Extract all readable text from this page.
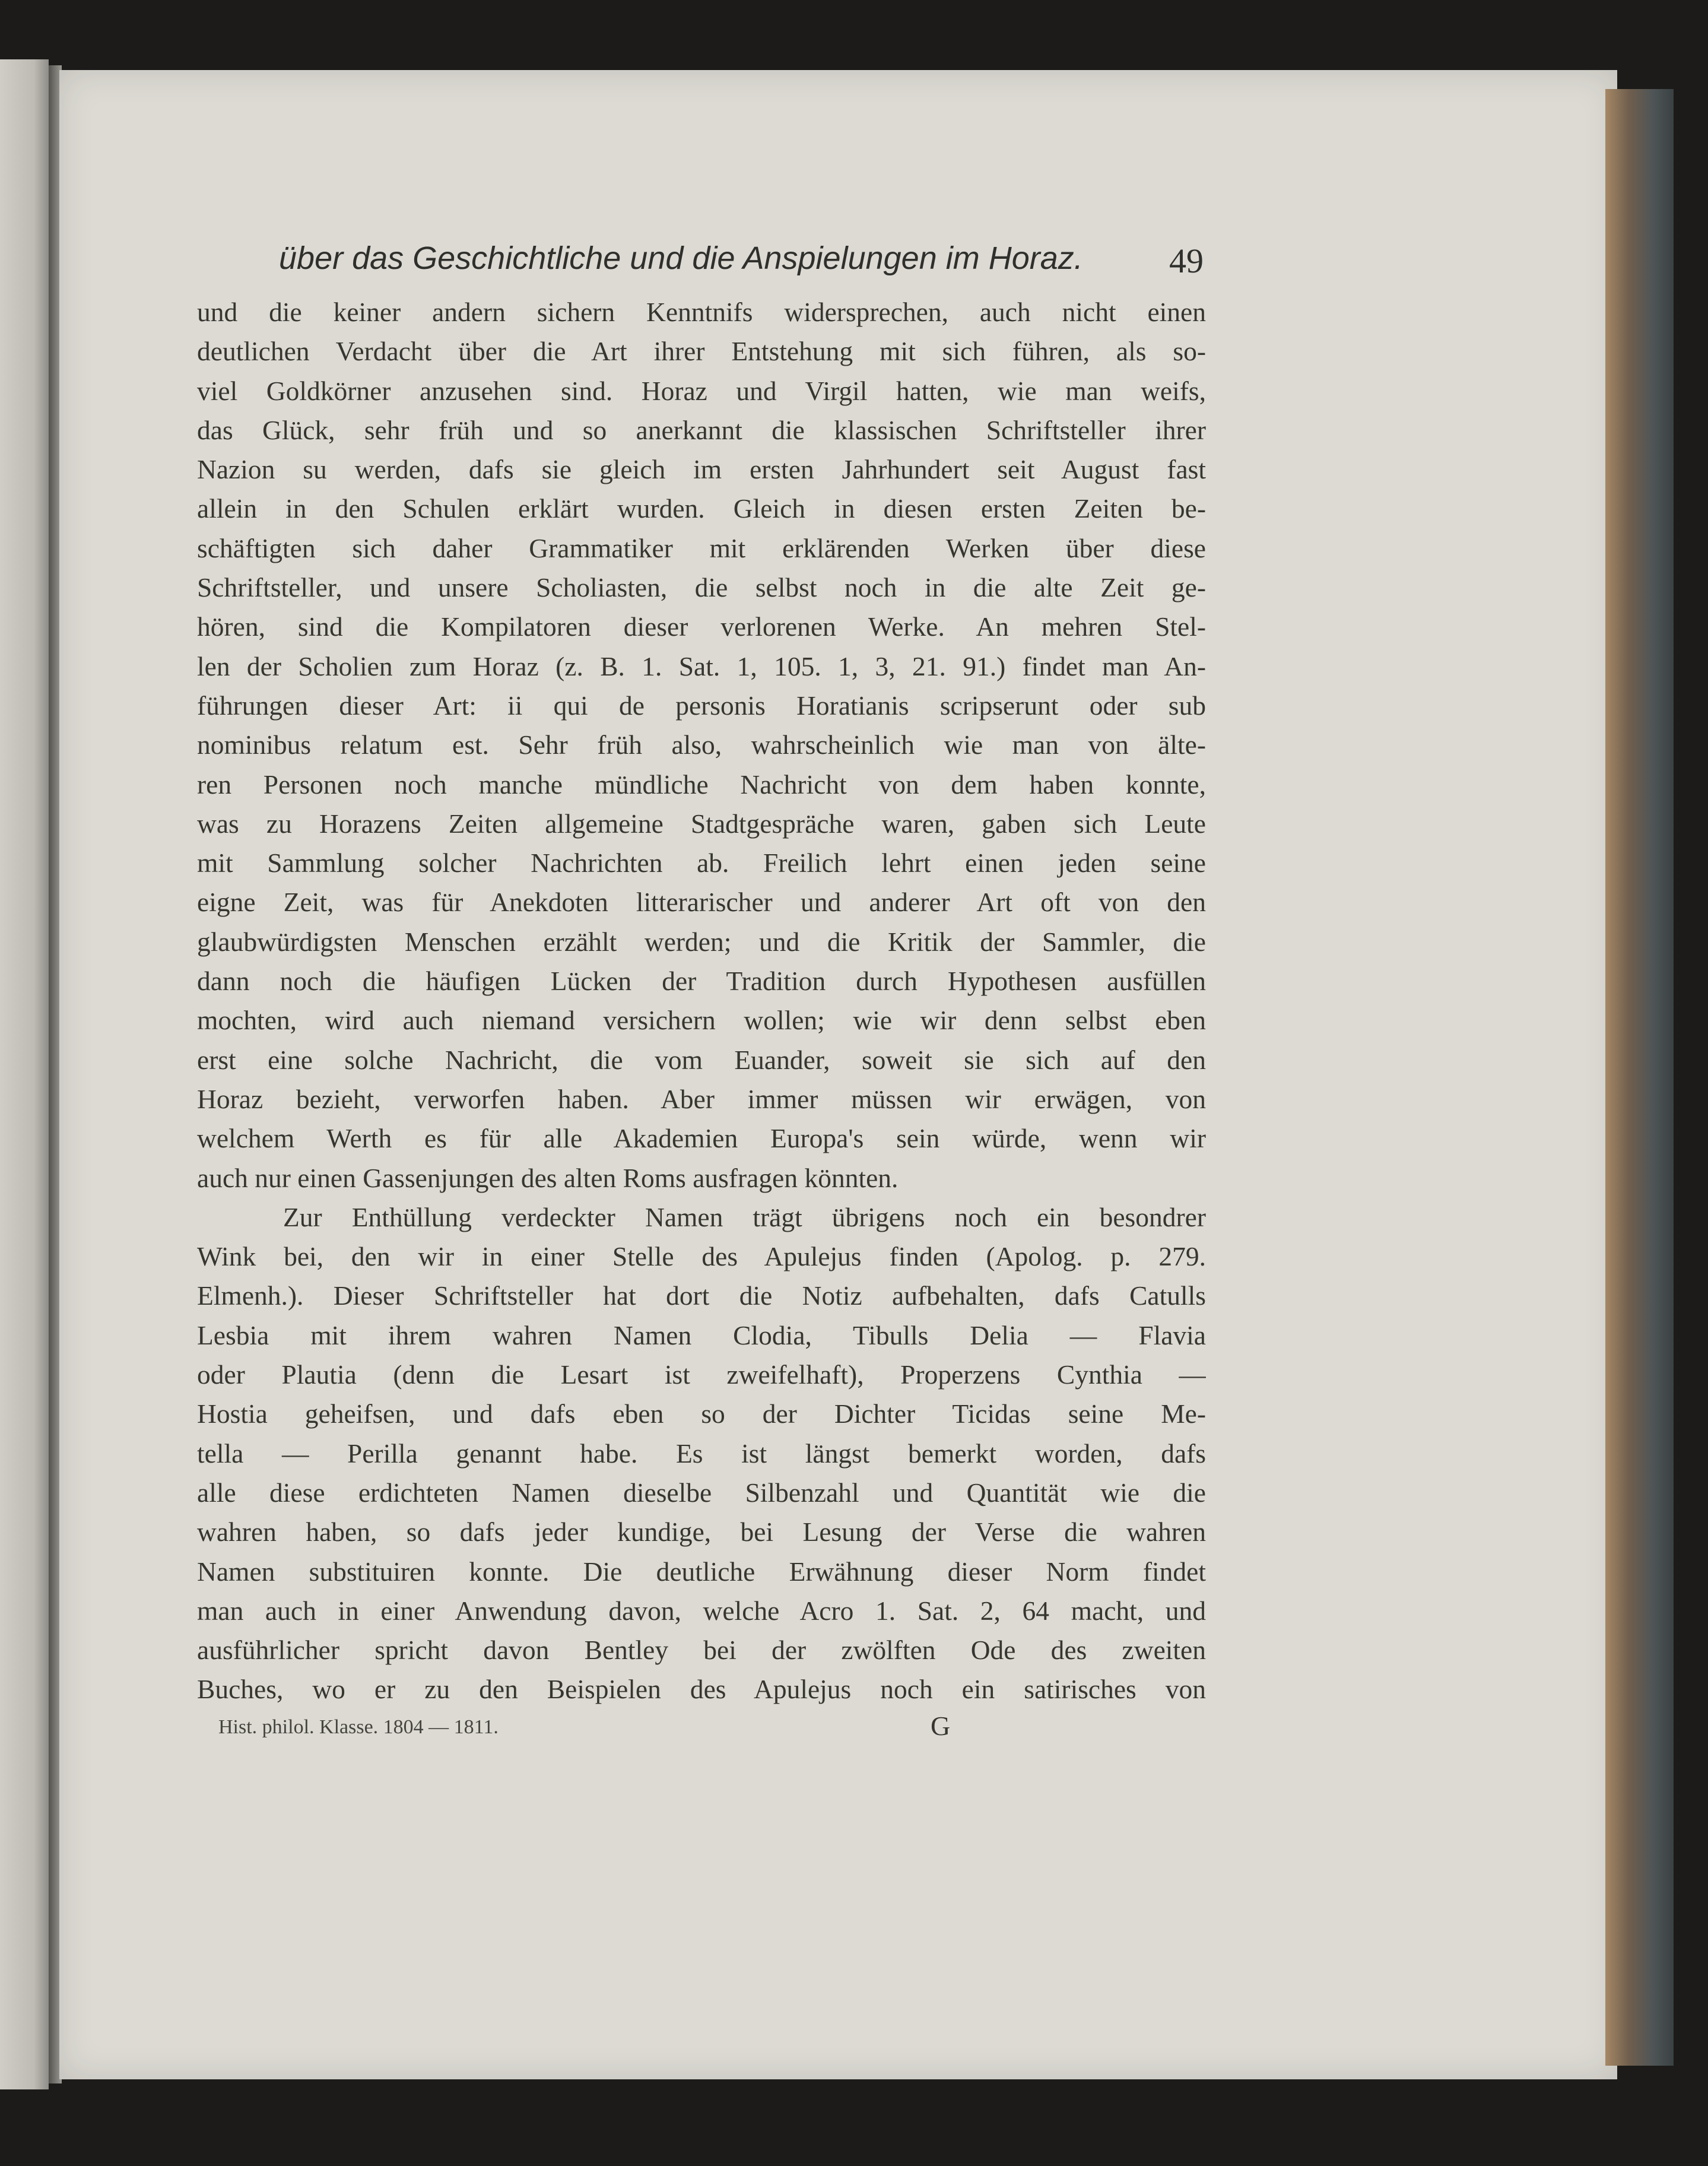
über das Geschichtliche und die Anspielungen im Horaz.	49
und die keiner andern sichern Kenntnifs widersprechen, auch nicht einen
deutlichen Verdacht über die Art ihrer Entstehung mit sich führen, als so-
viel Goldkörner anzusehen sind. Horaz und Virgil hatten, wie man weifs,
das Glück, sehr früh und so anerkannt die klassischen Schriftsteller ihrer
Nazion su werden, dafs sie gleich im ersten Jahrhundert seit August fast
allein in den Schulen erklärt wurden. Gleich in diesen ersten Zeiten be-
schäftigten sich daher Grammatiker mit erklärenden Werken über diese
Schriftsteller, und unsere Scholiasten, die selbst noch in die alte Zeit ge-
hören, sind die Kompilatoren dieser verlorenen Werke. An mehren Stel-
len der Scholien zum Horaz (z. B. 1. Sat. 1, 105. 1, 3, 21. 91.) findet man An-
führungen dieser Art: ii qui de personis Horatianis scripserunt oder sub
nominibus relatum est. Sehr früh also, wahrscheinlich wie man von älte-
ren Personen noch manche mündliche Nachricht von dem haben konnte,
was zu Horazens Zeiten allgemeine Stadtgespräche waren, gaben sich Leute
mit Sammlung solcher Nachrichten ab. Freilich lehrt einen jeden seine
eigne Zeit, was für Anekdoten litterarischer und anderer Art oft von den
glaubwürdigsten Menschen erzählt werden; und die Kritik der Sammler, die
dann noch die häufigen Lücken der Tradition durch Hypothesen ausfüllen
mochten, wird auch niemand versichern wollen; wie wir denn selbst eben
erst eine solche Nachricht, die vom Euander, soweit sie sich auf den
Horaz bezieht, verworfen haben. Aber immer müssen wir erwägen, von
welchem Werth es für alle Akademien Europa's sein würde, wenn wir
auch nur einen Gassenjungen des alten Roms ausfragen könnten.
Zur Enthüllung verdeckter Namen trägt übrigens noch ein besondrer
Wink bei, den wir in einer Stelle des Apulejus finden (Apolog. p. 279.
Elmenh.). Dieser Schriftsteller hat dort die Notiz aufbehalten, dafs Catulls
Lesbia mit ihrem wahren Namen Clodia, Tibulls Delia — Flavia
oder Plautia (denn die Lesart ist zweifelhaft), Properzens Cynthia —
Hostia geheifsen, und dafs eben so der Dichter Ticidas seine Me-
tella — Perilla genannt habe. Es ist längst bemerkt worden, dafs
alle diese erdichteten Namen dieselbe Silbenzahl und Quantität wie die
wahren haben, so dafs jeder kundige, bei Lesung der Verse die wahren
Namen substituiren konnte. Die deutliche Erwähnung dieser Norm findet
man auch in einer Anwendung davon, welche Acro 1. Sat. 2, 64 macht, und
ausführlicher spricht davon Bentley bei der zwölften Ode des zweiten
Buches, wo er zu den Beispielen des Apulejus noch ein satirisches von
Hist. philol. Klasse. 1804 — 1811.	G
